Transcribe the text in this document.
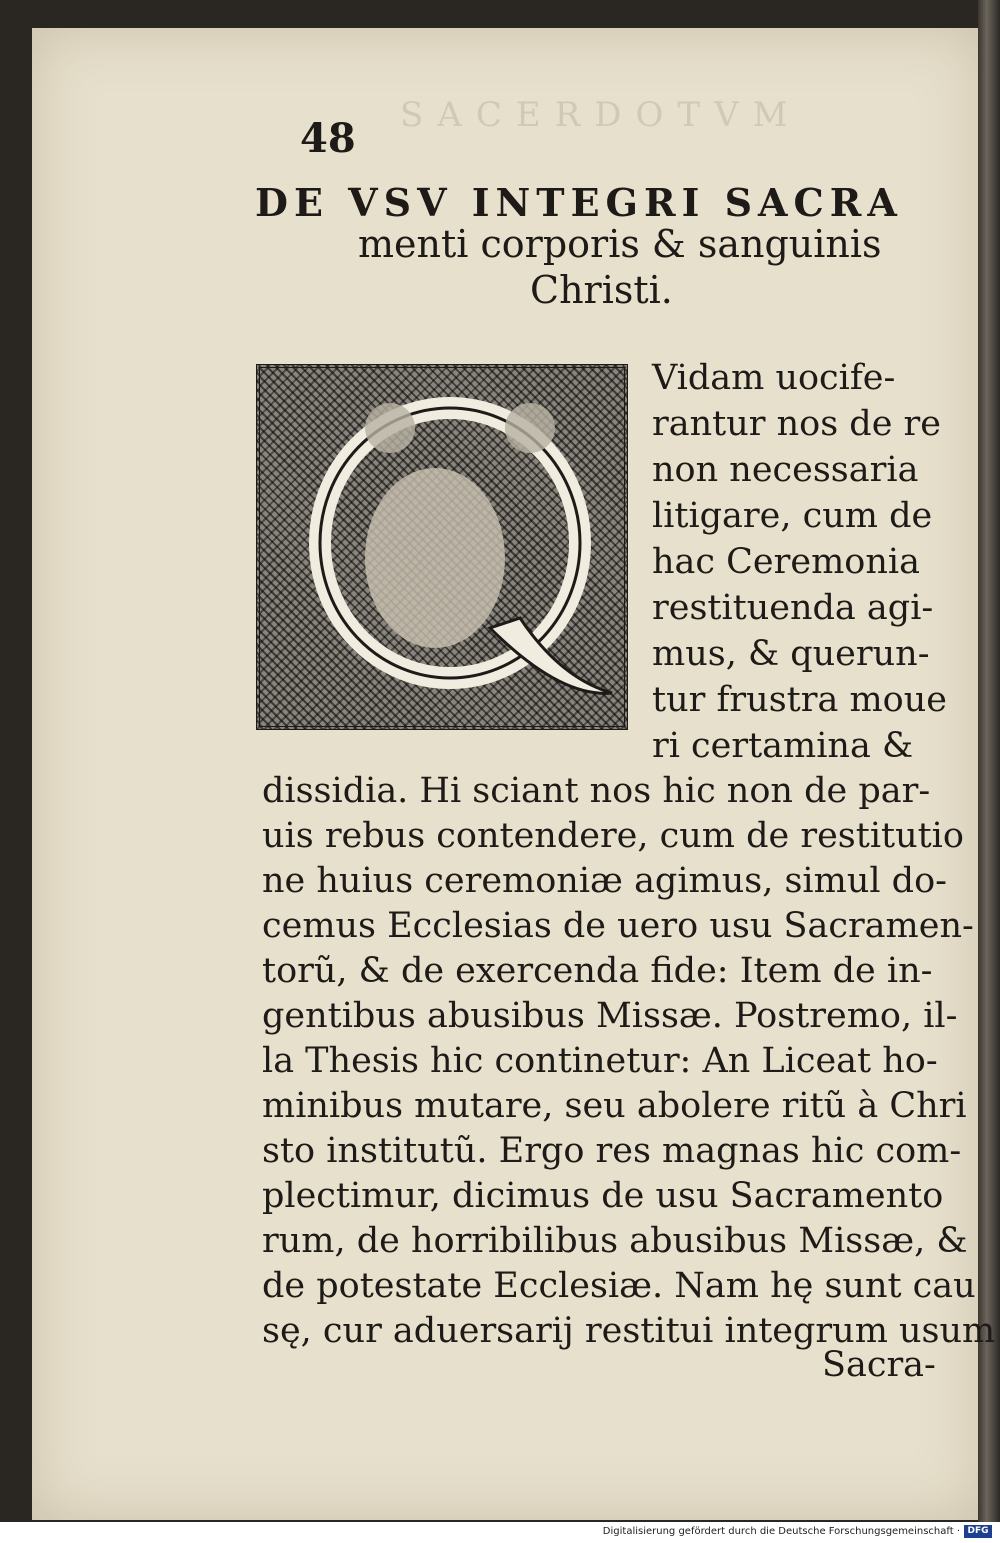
SACERDOTVM
48
DE VSV INTEGRI SACRA
menti corporis & sanguinis
Christi.
Vidam uocife-
rantur nos de re
non necessaria
litigare, cum de
hac Ceremonia
restituenda agi-
mus, & querun-
tur frustra moue
ri certamina &
dissidia. Hi sciant nos hic non de par-
uis rebus contendere, cum de restitutio
ne huius ceremoniæ agimus, simul do-
cemus Ecclesias de uero usu Sacramen-
torũ, & de exercenda fide: Item de in-
gentibus abusibus Missæ. Postremo, il-
la Thesis hic continetur: An Liceat ho-
minibus mutare, seu abolere ritũ à Chri
sto institutũ. Ergo res magnas hic com-
plectimur, dicimus de usu Sacramento
rum, de horribilibus abusibus Missæ, &
de potestate Ecclesiæ. Nam hę sunt cau
sę, cur aduersarij restitui integrum usum
Sacra-
Digitalisierung gefördert durch die Deutsche Forschungsgemeinschaft · DFG
